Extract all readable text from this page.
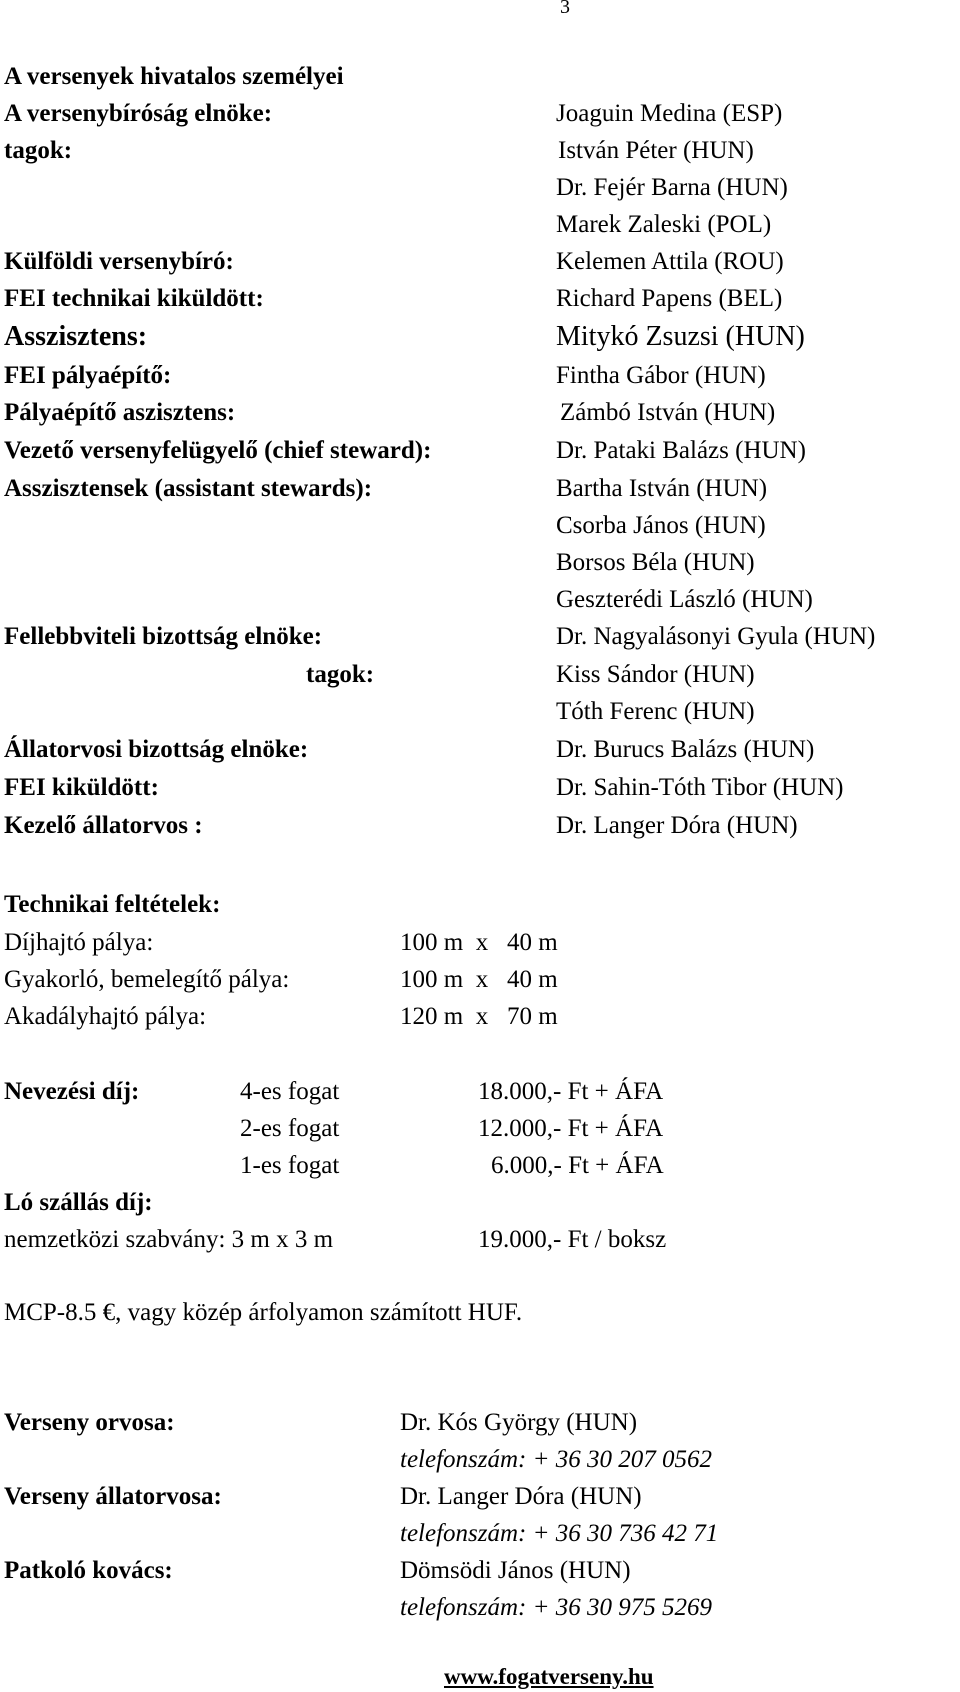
3
A versenyek hivatalos személyei
A versenybíróság elnöke:	Joaguin Medina (ESP)
tagok:	István Péter (HUN)
Dr. Fejér Barna (HUN)
Marek Zaleski (POL)
Külföldi versenybíró:	Kelemen Attila (ROU)
FEI technikai kiküldött:	Richard Papens (BEL)
Asszisztens:	Mitykó Zsuzsi (HUN)
FEI pályaépítő:	Fintha Gábor (HUN)
Pályaépítő aszisztens:	Zámbó István (HUN)
Vezető versenyfelügyelő (chief steward):	Dr. Pataki Balázs (HUN)
Asszisztensek (assistant stewards):	Bartha István (HUN)
Csorba János (HUN)
Borsos Béla (HUN)
Geszterédi László (HUN)
Fellebbviteli bizottság elnöke:	Dr. Nagyalásonyi Gyula (HUN)
tagok:	Kiss Sándor (HUN)
Tóth Ferenc (HUN)
Állatorvosi bizottság elnöke:	Dr. Burucs Balázs (HUN)
FEI kiküldött:	Dr. Sahin-Tóth Tibor (HUN)
Kezelő állatorvos :	Dr. Langer Dóra (HUN)
Technikai feltételek:
Díjhajtó pálya:	100 m  x   40 m
Gyakorló, bemelegítő pálya:	100 m  x   40 m
Akadályhajtó pálya:	120 m  x   70 m
Nevezési díj:	4-es fogat	18.000,- Ft + ÁFA
2-es fogat	12.000,- Ft + ÁFA
1-es fogat	6.000,- Ft + ÁFA
Ló szállás díj:
nemzetközi szabvány: 3 m x 3 m	19.000,- Ft / boksz
MCP-8.5 €, vagy közép árfolyamon számított HUF.
Verseny orvosa:	Dr. Kós György (HUN)
telefonszám: + 36 30 207 0562
Verseny állatorvosa:	Dr. Langer Dóra (HUN)
telefonszám: + 36 30 736 42 71
Patkoló kovács:	Dömsödi János (HUN)
telefonszám: + 36 30 975 5269
www.fogatverseny.hu
